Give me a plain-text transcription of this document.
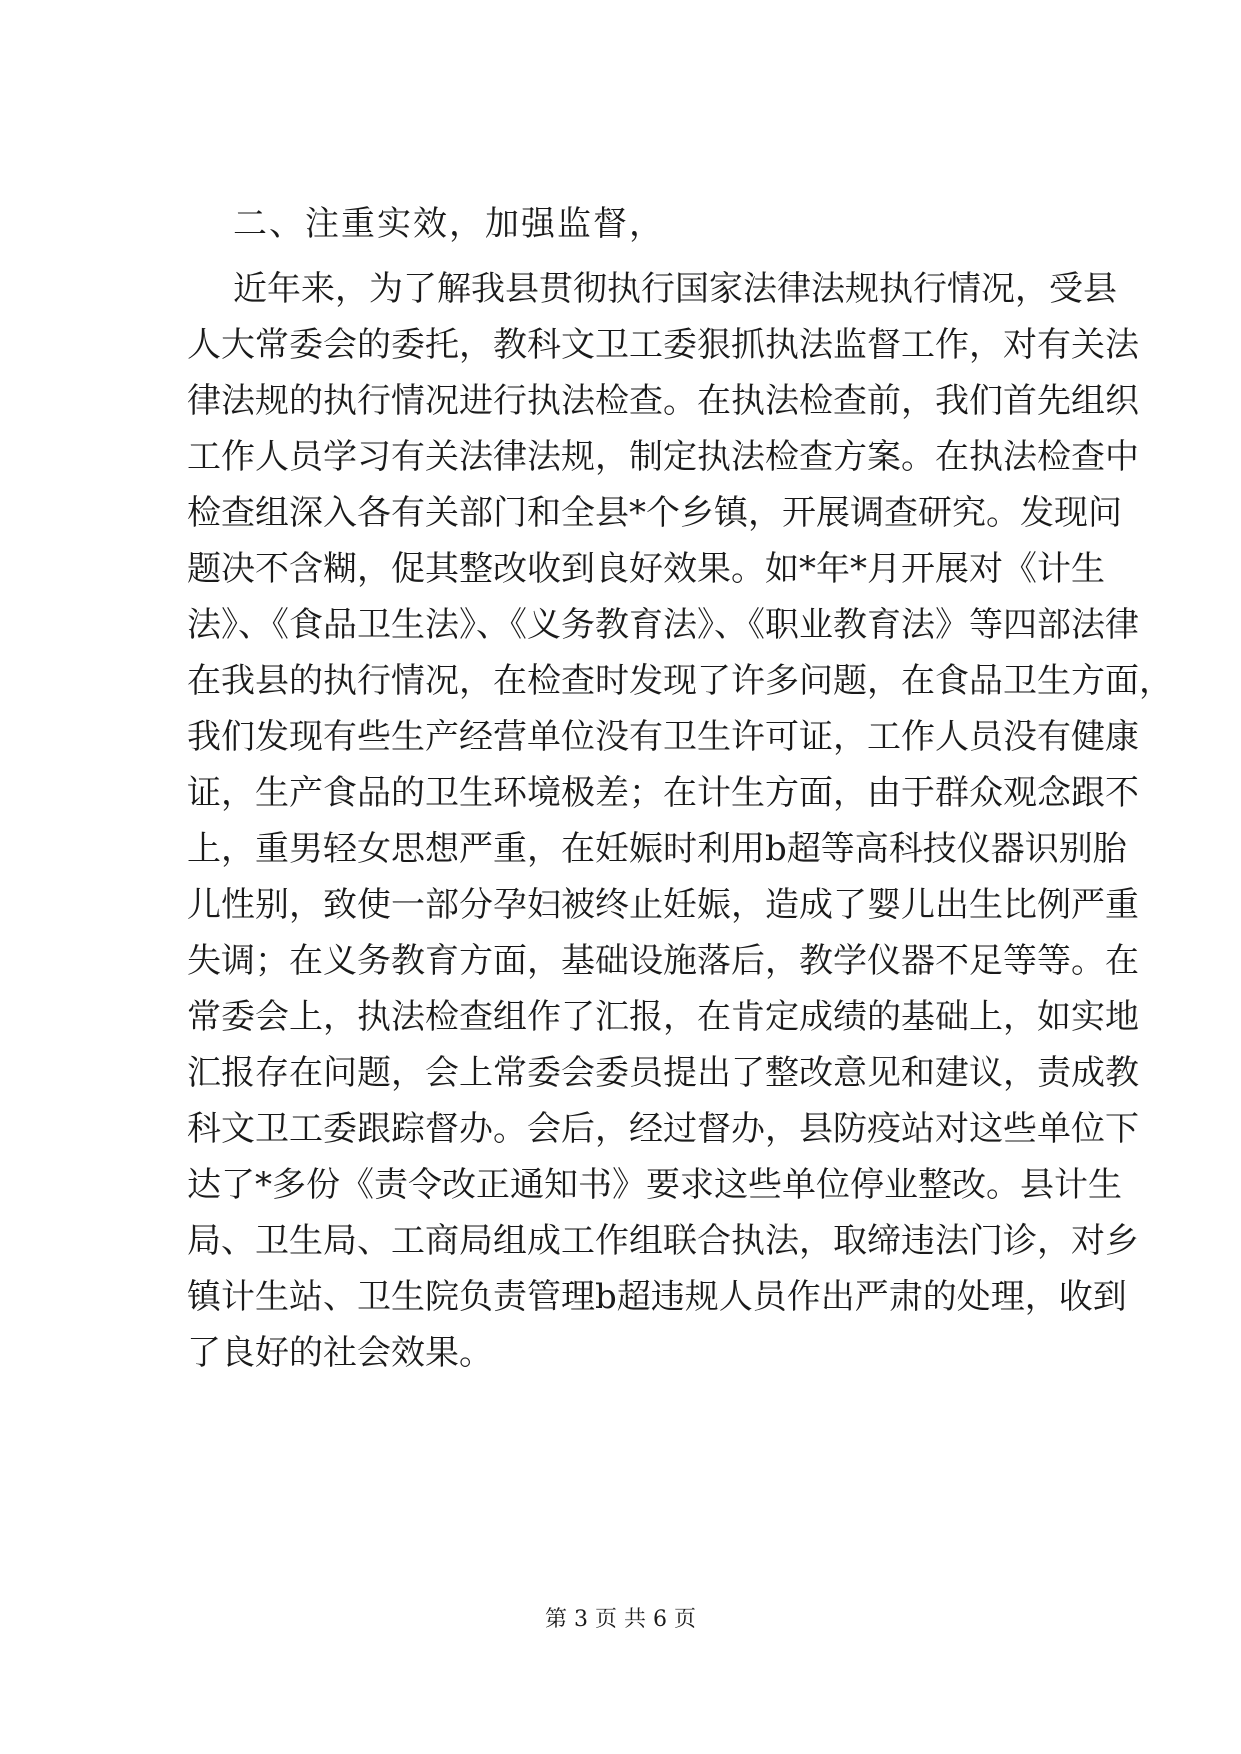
二、注重实效，加强监督，
近年来，为了解我县贯彻执行国家法律法规执行情况，受县
人大常委会的委托，教科文卫工委狠抓执法监督工作，对有关法
律法规的执行情况进行执法检查。在执法检查前，我们首先组织
工作人员学习有关法律法规，制定执法检查方案。在执法检查中
检查组深入各有关部门和全县*个乡镇，开展调查研究。发现问
题决不含糊，促其整改收到良好效果。如*年*月开展对《计生
法》、《食品卫生法》、《义务教育法》、《职业教育法》等四部法律
在我县的执行情况，在检查时发现了许多问题，在食品卫生方面，
我们发现有些生产经营单位没有卫生许可证，工作人员没有健康
证，生产食品的卫生环境极差；在计生方面，由于群众观念跟不
上，重男轻女思想严重，在妊娠时利用b超等高科技仪器识别胎
儿性别，致使一部分孕妇被终止妊娠，造成了婴儿出生比例严重
失调；在义务教育方面，基础设施落后，教学仪器不足等等。在
常委会上，执法检查组作了汇报，在肯定成绩的基础上，如实地
汇报存在问题，会上常委会委员提出了整改意见和建议，责成教
科文卫工委跟踪督办。会后，经过督办，县防疫站对这些单位下
达了*多份《责令改正通知书》要求这些单位停业整改。县计生
局、卫生局、工商局组成工作组联合执法，取缔违法门诊，对乡
镇计生站、卫生院负责管理b超违规人员作出严肃的处理，收到
了良好的社会效果。
第 3 页 共 6 页
